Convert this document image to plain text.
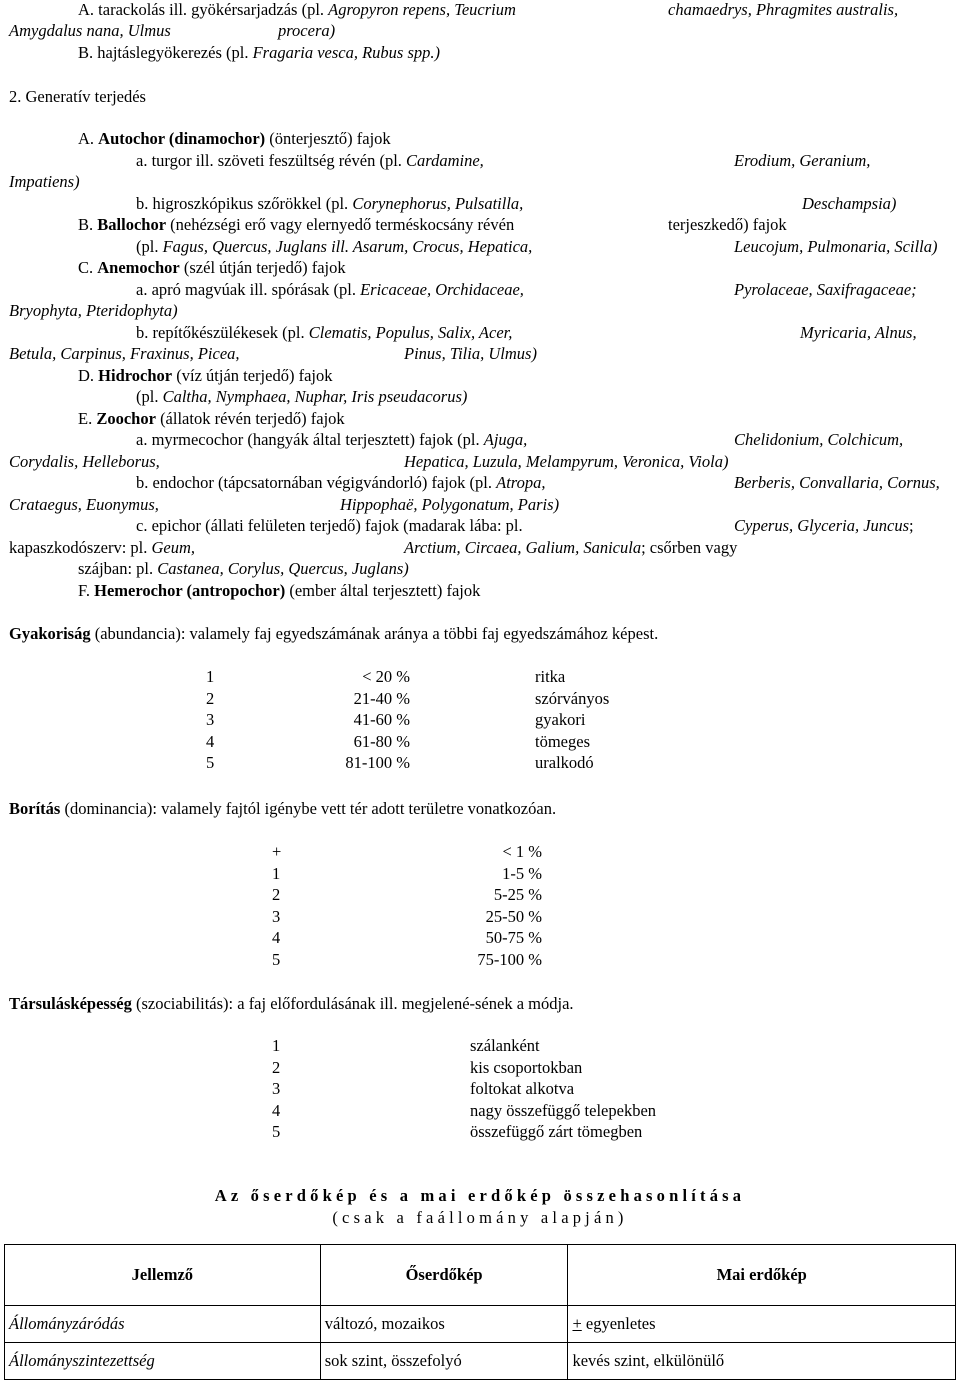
A. tarackolás ill. gyökérsarjadzás (pl. Agropyron repens, Teucrium	chamaedrys, Phragmites australis,
Amygdalus nana, Ulmus	procera)
B. hajtáslegyökerezés (pl. Fragaria vesca, Rubus spp.)
2. Generatív terjedés
A. Autochor (dinamochor) (önterjesztő) fajok
a. turgor ill. szöveti feszültség révén (pl. Cardamine,	Erodium, Geranium,
Impatiens)
b. higroszkópikus szőrökkel (pl. Corynephorus, Pulsatilla,	Deschampsia)
B. Ballochor (nehézségi erő vagy elernyedő terméskocsány révén	terjeszkedő) fajok
(pl. Fagus, Quercus, Juglans ill. Asarum, Crocus, Hepatica,	Leucojum, Pulmonaria, Scilla)
C. Anemochor (szél útján terjedő) fajok
a. apró magvúak ill. spórásak (pl. Ericaceae, Orchidaceae,	Pyrolaceae, Saxifragaceae;
Bryophyta, Pteridophyta)
b. repítőkészülékesek (pl. Clematis, Populus, Salix, Acer,	Myricaria, Alnus,
Betula, Carpinus, Fraxinus, Picea,	Pinus, Tilia, Ulmus)
D. Hidrochor (víz útján terjedő) fajok
(pl. Caltha, Nymphaea, Nuphar, Iris pseudacorus)
E. Zoochor (állatok révén terjedő) fajok
a. myrmecochor (hangyák által terjesztett) fajok (pl. Ajuga,	Chelidonium, Colchicum,
Corydalis, Helleborus,	Hepatica, Luzula, Melampyrum, Veronica, Viola)
b. endochor (tápcsatornában végigvándorló) fajok (pl. Atropa,	Berberis, Convallaria, Cornus,
Crataegus, Euonymus,	Hippophaë, Polygonatum, Paris)
c. epichor (állati felületen terjedő) fajok (madarak lába: pl.	Cyperus, Glyceria, Juncus;
kapaszkodószerv: pl. Geum,	Arctium, Circaea, Galium, Sanicula; csőrben vagy
szájban: pl. Castanea, Corylus, Quercus, Juglans)
F. Hemerochor (antropochor) (ember által terjesztett) fajok
Gyakoriság (abundancia): valamely faj egyedszámának aránya a többi faj egyedszámához képest.
1	< 20 %	ritka
2	21-40 %	szórványos
3	41-60 %	gyakori
4	61-80 %	tömeges
5	81-100 %	uralkodó
Borítás (dominancia): valamely fajtól igénybe vett tér adott területre vonatkozóan.
+	< 1 %
1	1-5 %
2	5-25 %
3	25-50 %
4	50-75 %
5	75-100 %
Társulásképesség (szociabilitás): a faj előfordulásának ill. megjelené-sének a módja.
1	szálanként
2	kis csoportokban
3	foltokat alkotva
4	nagy összefüggő telepekben
5	összefüggő zárt tömegben
Az őserdőkép és a mai erdőkép összehasonlítása
(csak a faállomány alapján)
Jellemző	Őserdőkép	Mai erdőkép
Állományzáródás	változó, mozaikos	+ egyenletes
Állományszintezettség	sok szint, összefolyó	kevés szint, elkülönülő
